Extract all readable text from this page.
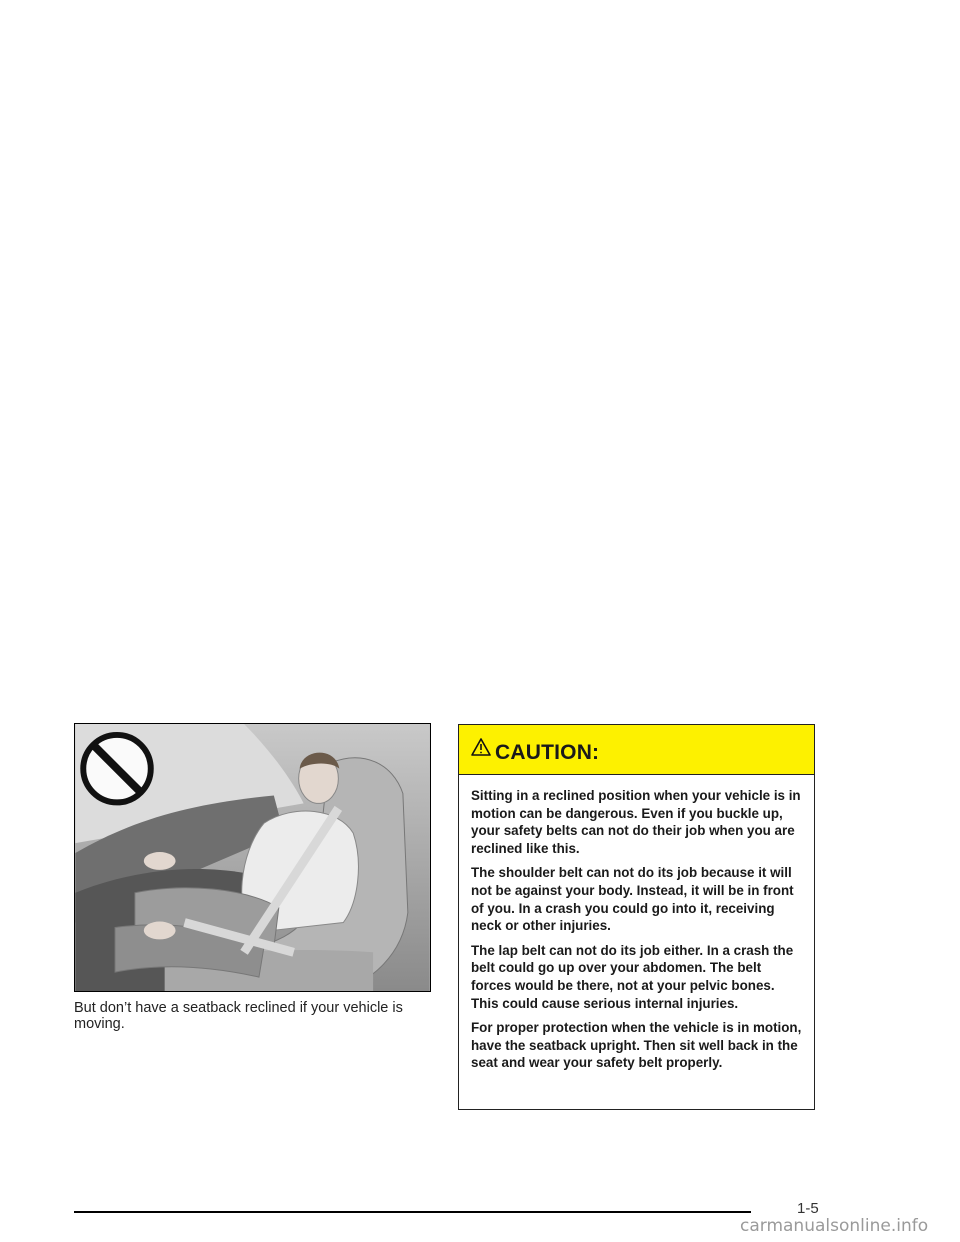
But don’t have a seatback reclined if your vehicle is moving.
CAUTION:

Sitting in a reclined position when your vehicle is in motion can be dangerous. Even if you buckle up, your safety belts can not do their job when you are reclined like this.

The shoulder belt can not do its job because it will not be against your body. Instead, it will be in front of you. In a crash you could go into it, receiving neck or other injuries.

The lap belt can not do its job either. In a crash the belt could go up over your abdomen. The belt forces would be there, not at your pelvic bones. This could cause serious internal injuries.

For proper protection when the vehicle is in motion, have the seatback upright. Then sit well back in the seat and wear your safety belt properly.

1-5
carmanualsonline.info
